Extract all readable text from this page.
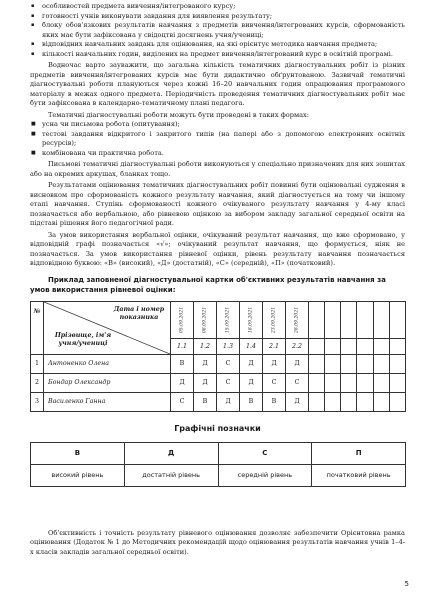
▪ особливостей предмета вивчення/інтегрованого курсу;
▪ готовності учнів виконувати завдання для виявлення результату;
▪ блоку обов'язкових результатів навчання з предметів вивчення/інтегрованих курсів, сформованість яких має бути зафіксована у свідоцтві досягнень учня/учениці;
▪ відповідних навчальних завдань для оцінювання, на які орієнтує методика навчання предмета;
▪ кількості навчальних годин, виділених на предмет вивчення/інтегрований курс в освітній програмі.

Водночас варто зауважити, що загальна кількість тематичних діагностувальних робіт із різних предметів вивчення/інтегрованих курсів має бути дидактично обґрунтованою. Зазвичай тематичні діагностувальні роботи плануються через кожні 16–20 навчальних годин опрацювання програмового матеріалу в межах одного предмета. Періодичність проведення тематичних діагностувальних робіт має бути зафіксована в календарно-тематичному плані педагога.

Тематичні діагностувальні роботи можуть бути проведені в таких формах:

■ усна чи письмова робота (опитування);
■ тестові завдання відкритого і закритого типів (на папері або з допомогою електронних освітніх ресурсів);
■ комбінована чи практична робота.

Письмові тематичні діагностувальні роботи виконуються у спеціально призначених для них зошитах або на окремих аркушах, бланках тощо.

Результатами оцінювання тематичних діагностувальних робіт повинні бути оцінювальні судження в висновком про сформованість кожного результату навчання, який діагностується на тому чи іншому етапі навчання. Ступінь сформованості кожного очікуваного результату навчання у 4-му класі позначається або вербальною, або рівневою оцінкою за вибором закладу загальної середньої освіти на підставі рішення його педагогічної ради.

За умов використання вербальної оцінки, очікуваний результат навчання, що вже сформовано, у відповідній графі позначається «√»; очікуваний результат навчання, що формується, ніяк не позначається. За умов використання рівневої оцінки, рівень результату навчання позначається відповідною буквою: «В» (високий), «Д» (достатній), «С» (середній), «П» (початковий).

Приклад заповненої діагностувальної картки об'єктивних результатів навчання за умов використання рівневої оцінки:

№	Дата і номер показника
Прізвище, ім'я учня/учениці	05.09.2021	08.09.2021	15.09.2021	18.09.2021	23.09.2021	28.09.2021						

		1.1	1.2	1.3	1.4	2.1	2.2						
1	Антоненко Олена	В	Д	С	Д	Д	Д						
2	Бондар Олександр	Д	Д	С	Д	С	С						
3	Василенко Ганна	С	В	Д	В	В	Д						

Графічні позначки

В	Д	С	П
високий рівень	достатній рівень	середній рівень	початковий рівень

Об'єктивність і точність результату рівневого оцінювання дозволяє забезпечити Орієнтовна рамка оцінювання (Додаток № 1 до Методичних рекомендацій щодо оцінювання результатів навчання учнів 1–4-х класів закладів загальної середньої освіти).

5
